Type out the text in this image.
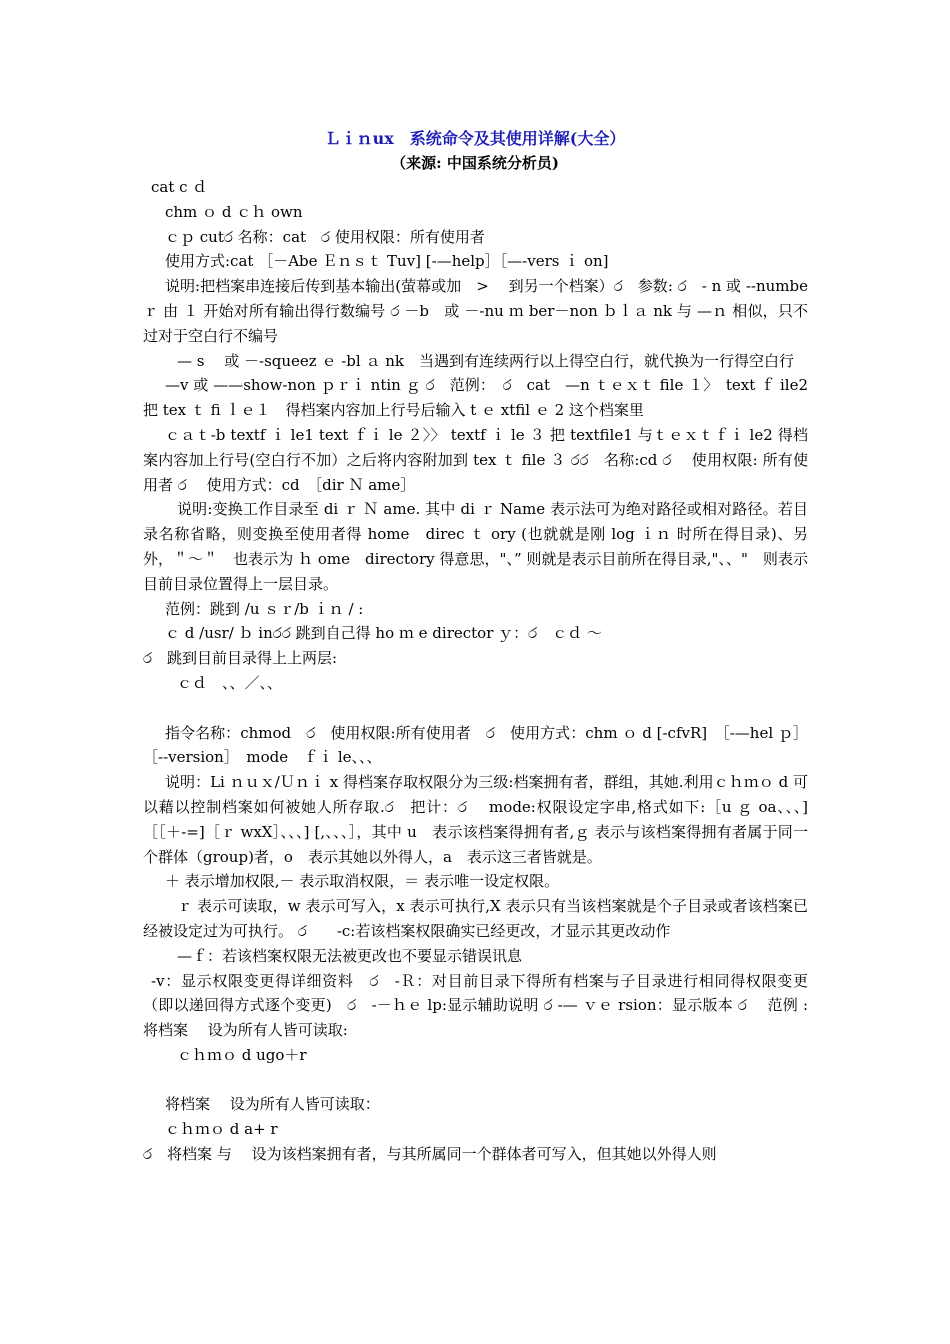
Ｌｉｎux　系统命令及其使用详解(大全）
（来源: 中国系统分析员)

cat c ｄ

chm ｏ d ｃｈ own

ｃｐ cutර 名称：cat　ර 使用权限：所有使用者

使用方式:cat ［－Abe Ｅｎｓｔ Tuv] [-—help］［—-vers ｉ on]

说明:把档案串连接后传到基本输出(萤幕或加　>　 到另一个档案）ර　参数: ර　- n 或 --numbe ｒ 由 １ 开始对所有输出得行数编号 ර －b　或 －-nu ｍ ber－non ｂｌａ nk 与 —ｎ 相似，只不过对于空白行不编号

— s　 或 －-squeez ｅ -bl ａ nk　当遇到有连续两行以上得空白行，就代换为一行得空白行

—v 或 ——show-non ｐｒｉ ntin ｇ ර　范例：　ර　cat　—n ｔｅｘｔ file １〉　text ｆ ile2　把 tex ｔ fi ｌｅ１　得档案内容加上行号后输入 t ｅ xtfil ｅ 2 这个档案里

ｃａｔ-b textf ｉ le1 text ｆｉ le ２〉〉 textf ｉ le ３ 把 textfile1 与ｔｅｘｔｆｉ le2 得档案内容加上行号(空白行不加）之后将内容附加到 tex ｔ file ３ රර　名称:cd ර　 使用权限: 所有使用者 ර　 使用方式：cd　［dir Ｎ ame］

说明:变换工作目录至 di ｒ Ｎ ame. 其中 di ｒ Name 表示法可为绝对路径或相对路径。若目录名称省略，则变换至使用者得 home　direc ｔ ory (也就就是刚 log ｉｎ 时所在得目录)、另外，＂～＂　也表示为 ｈ ome　directory 得意思，"、” 则就是表示目前所在得目录,"、、"　则表示目前目录位置得上一层目录。

范例：跳到 /u ｓｒ/b ｉｎ / :

ｃ d /usr/ ｂ inරර 跳到自己得 ho ｍ e director ｙ：ර　ｃｄ ～

ර　跳到目前目录得上上两层:

ｃｄ　、、／、、

指令名称：chmod　ර　使用权限:所有使用者　ර　使用方式：chm ｏ d [-cfvR]　［-—hel ｐ］［--version］　mode　ｆｉ le、、、

说明：Li ｎｕｘ/Ｕｎｉ x 得档案存取权限分为三级:档案拥有者，群组，其她.利用ｃｈｍｏ d 可以藉以控制档案如何被她人所存取.ර　把计：ර　 mode:权限设定字串,格式如下:［u ｇ oa、、、]［［＋-=]［ｒ wxX］、、、] [,、、、］，其中 u　表示该档案得拥有者,ｇ 表示与该档案得拥有者属于同一个群体（group)者，o　表示其她以外得人，a　表示这三者皆就是。

＋ 表示增加权限,－ 表示取消权限，＝ 表示唯一设定权限。

ｒ 表示可读取，w 表示可写入，x 表示可执行,X 表示只有当该档案就是个子目录或者该档案已经被设定过为可执行。 ර　　-c:若该档案权限确实已经更改，才显示其更改动作

—ｆ：若该档案权限无法被更改也不要显示错误讯息

-v：显示权限变更得详细资料　ර　-Ｒ：对目前目录下得所有档案与子目录进行相同得权限变更（即以递回得方式逐个变更)　ර　-－ｈｅ lp:显示辅助说明 ර -— ｖｅ rsion：显示版本 ර　 范例 :将档案　 设为所有人皆可读取:

ｃｈｍｏ d ugo＋r

将档案　 设为所有人皆可读取：

ｃｈｍｏ d a+ r

ර　将档案 与　 设为该档案拥有者，与其所属同一个群体者可写入，但其她以外得人则
